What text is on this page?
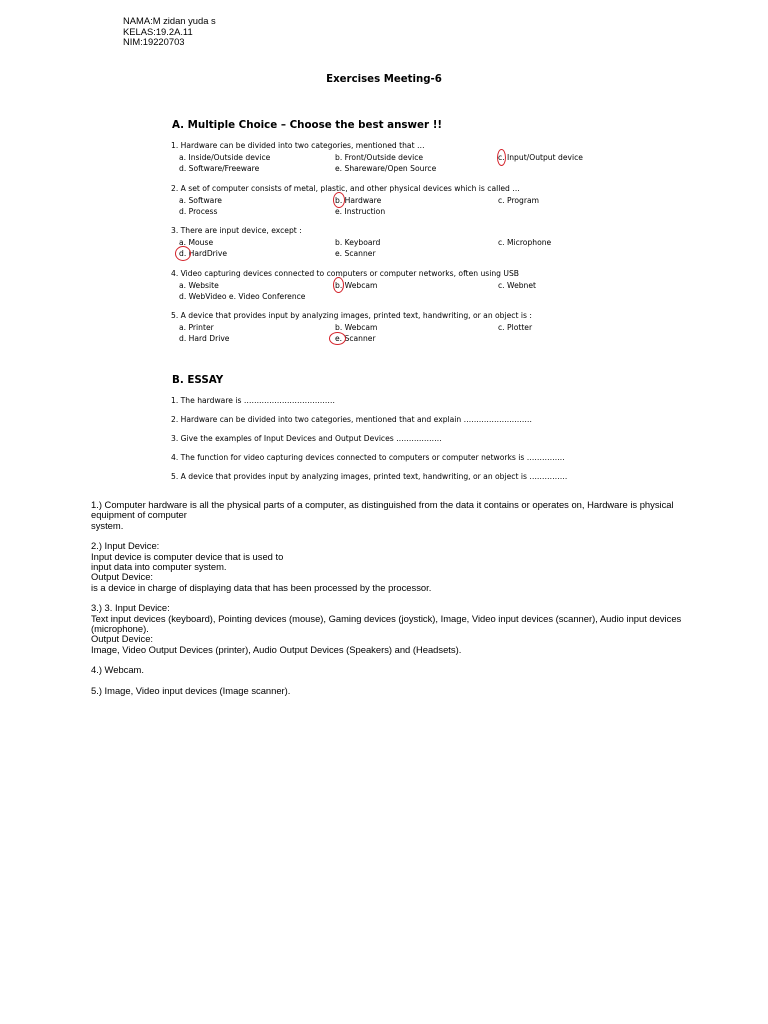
NAMA:M zidan yuda s
KELAS:19.2A.11
NIM:19220703
Exercises Meeting-6
A. Multiple Choice – Choose the best answer !!
1. Hardware can be divided into two categories, mentioned that …
a. Inside/Outside device	b. Front/Outside device	c. Input/Output device
d. Software/Freeware	e. Shareware/Open Source
2. A set of computer consists of metal, plastic, and other physical devices which is called …
a. Software	b. Hardware	c. Program
d. Process	e. Instruction
3. There are input device, except :
a. Mouse	b. Keyboard	c. Microphone
d. HardDrive	e. Scanner
4. Video capturing devices connected to computers or computer networks, often using USB
a. Website	b. Webcam	c. Webnet
d. WebVideo e. Video Conference
5. A device that provides input by analyzing images, printed text, handwriting, or an object is :
a. Printer	b. Webcam	c. Plotter
d. Hard Drive	e. Scanner
B. ESSAY
1. The hardware is ………………………………
2. Hardware can be divided into two categories, mentioned that and explain ………………………
3. Give the examples of Input Devices and Output Devices ………………
4. The function for video capturing devices connected to computers or computer networks is ……………
5. A device that provides input by analyzing images, printed text, handwriting, or an object is ……………
1.) Computer hardware is all the physical parts of a computer, as distinguished from the data it contains or operates on, Hardware is physical
equipment of computer
system.
2.) Input Device:
Input device is computer device that is used to
input data into computer system.
Output Device:
is a device in charge of displaying data that has been processed by the processor.
3.) 3. Input Device:
Text input devices (keyboard), Pointing devices (mouse), Gaming devices (joystick), Image, Video input devices (scanner), Audio input devices
(microphone).
Output Device:
Image, Video Output Devices (printer), Audio Output Devices (Speakers) and (Headsets).
4.) Webcam.
5.) Image, Video input devices (Image scanner).
